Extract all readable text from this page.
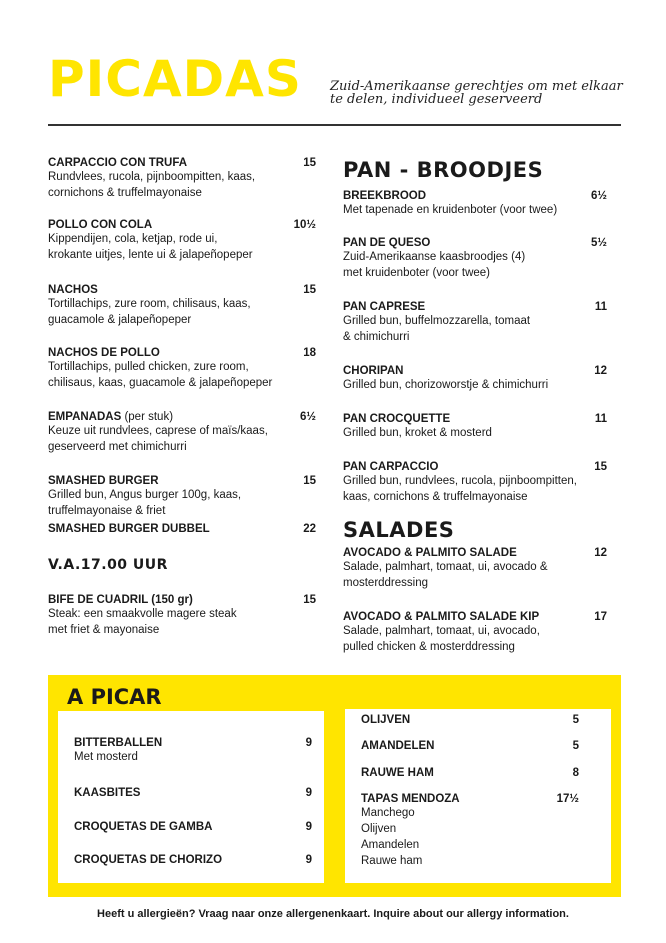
PICADAS Zuid-Amerikaanse gerechtjes om met elkaar te delen, individueel geserveerd
CARPACCIO CON TRUFA	15
Rundvlees, rucola, pijnboompitten, kaas,
cornichons & truffelmayonaise
POLLO CON COLA	10½
Kippendijen, cola, ketjap, rode ui,
krokante uitjes, lente ui & jalapeñopeper
NACHOS	15
Tortillachips, zure room, chilisaus, kaas,
guacamole & jalapeñopeper
NACHOS DE POLLO	18
Tortillachips, pulled chicken, zure room,
chilisaus, kaas, guacamole & jalapeñopeper
EMPANADAS (per stuk)	6½
Keuze uit rundvlees, caprese of maïs/kaas,
geserveerd met chimichurri
SMASHED BURGER	15
Grilled bun, Angus burger 100g, kaas,
truffelmayonaise & friet
SMASHED BURGER DUBBEL	22
V.A.17.00 UUR
BIFE DE CUADRIL (150 gr)	15
Steak: een smaakvolle magere steak
met friet & mayonaise
PAN - BROODJES
BREEKBROOD	6½
Met tapenade en kruidenboter (voor twee)
PAN DE QUESO	5½
Zuid-Amerikaanse kaasbroodjes (4)
met kruidenboter (voor twee)
PAN CAPRESE	11
Grilled bun, buffelmozzarella, tomaat
& chimichurri
CHORIPAN	12
Grilled bun, chorizoworstje & chimichurri
PAN CROCQUETTE	11
Grilled bun, kroket & mosterd
PAN CARPACCIO	15
Grilled bun, rundvlees, rucola, pijnboompitten,
kaas, cornichons & truffelmayonaise
SALADES
AVOCADO & PALMITO SALADE	12
Salade, palmhart, tomaat, ui, avocado &
mosterddressing
AVOCADO & PALMITO SALADE KIP	17
Salade, palmhart, tomaat, ui, avocado,
pulled chicken & mosterddressing
A PICAR
BITTERBALLEN	9
Met mosterd
KAASBITES	9
CROQUETAS DE GAMBA	9
CROQUETAS DE CHORIZO	9
OLIJVEN	5
AMANDELEN	5
RAUWE HAM	8
TAPAS MENDOZA	17½
Manchego
Olijven
Amandelen
Rauwe ham
Heeft u allergieën? Vraag naar onze allergenenkaart. Inquire about our allergy information.
